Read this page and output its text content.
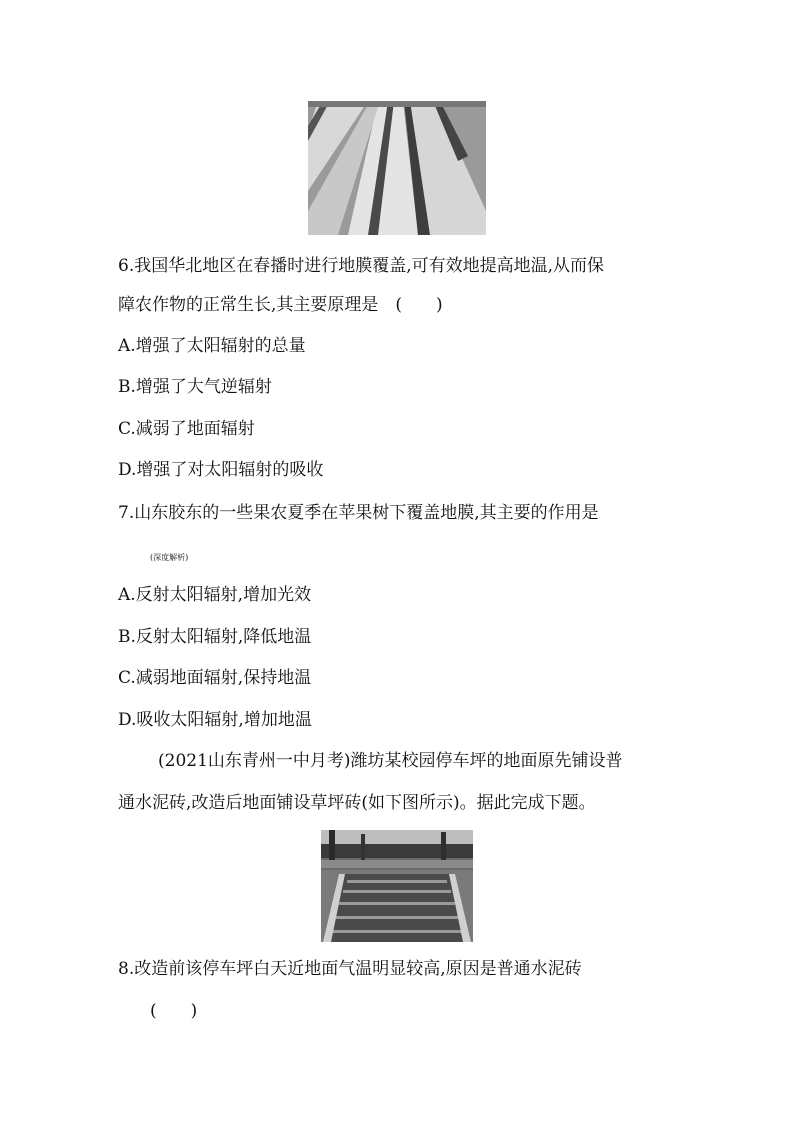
6.我国华北地区在春播时进行地膜覆盖,可有效地提高地温,从而保
障农作物的正常生长,其主要原理是　(　　)
A.增强了太阳辐射的总量
B.增强了大气逆辐射
C.减弱了地面辐射
D.增强了对太阳辐射的吸收
7.山东胶东的一些果农夏季在苹果树下覆盖地膜,其主要的作用是
(深度解析)
A.反射太阳辐射,增加光效
B.反射太阳辐射,降低地温
C.减弱地面辐射,保持地温
D.吸收太阳辐射,增加地温
(2021山东青州一中月考)潍坊某校园停车坪的地面原先铺设普
通水泥砖,改造后地面铺设草坪砖(如下图所示)。据此完成下题。
8.改造前该停车坪白天近地面气温明显较高,原因是普通水泥砖
(　　)
